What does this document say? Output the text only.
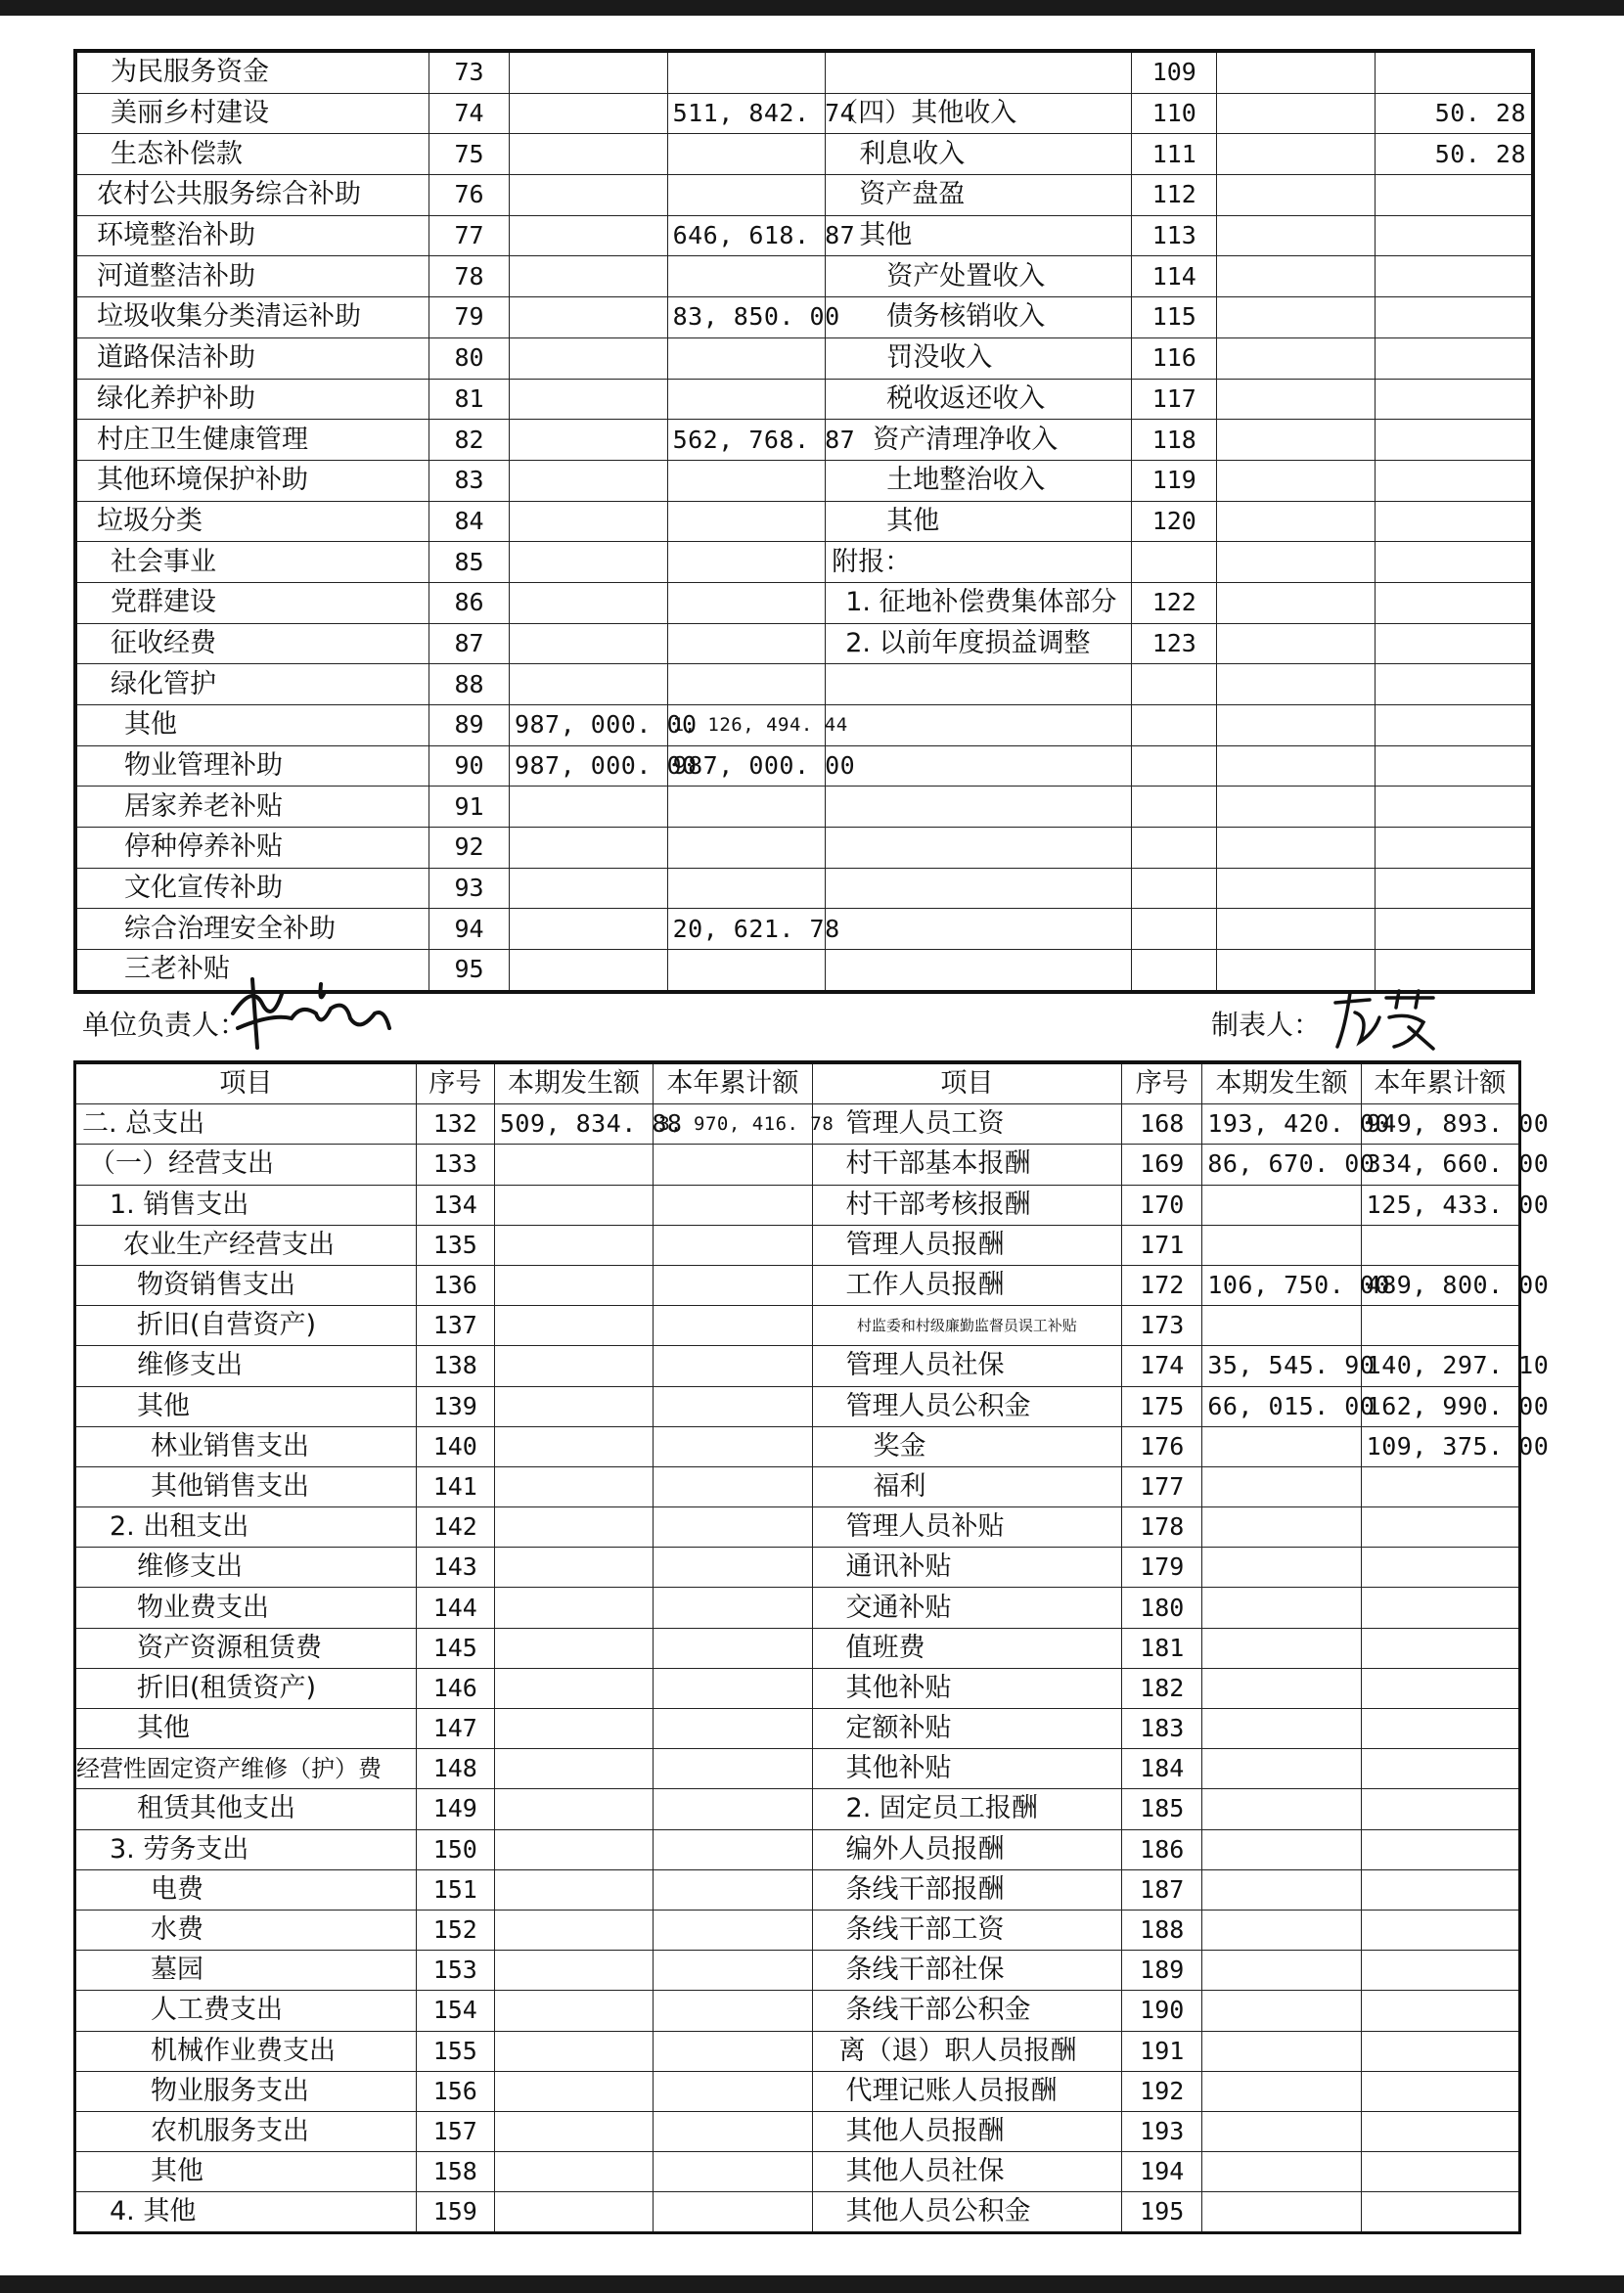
为民服务资金	73				109		
美丽乡村建设	74		511, 842. 74	（四）其他收入	110		50. 28
生态补偿款	75			利息收入	111		50. 28
农村公共服务综合补助	76			资产盘盈	112		
环境整治补助	77		646, 618. 87	其他	113		
河道整洁补助	78			资产处置收入	114		
垃圾收集分类清运补助	79		83, 850. 00	债务核销收入	115		
道路保洁补助	80			罚没收入	116		
绿化养护补助	81			税收返还收入	117		
村庄卫生健康管理	82		562, 768. 87	资产清理净收入	118		
其他环境保护补助	83			土地整治收入	119		
垃圾分类	84			其他	120		
社会事业	85			附报：			
党群建设	86			1. 征地补偿费集体部分	122		
征收经费	87			2. 以前年度损益调整	123		
绿化管护	88						
其他	89	987, 000. 00	1, 126, 494. 44				
物业管理补助	90	987, 000. 00	987, 000. 00				
居家养老补贴	91						
停种停养补贴	92						
文化宣传补助	93						
综合治理安全补助	94		20, 621. 78				
三老补贴	95						
单位负责人：	制表人：
项目	序号	本期发生额	本年累计额	项目	序号	本期发生额	本年累计额
二. 总支出	132	509, 834. 88	3, 970, 416. 78	管理人员工资	168	193, 420. 00	949, 893. 00
（一）经营支出	133			村干部基本报酬	169	86, 670. 00	334, 660. 00
1. 销售支出	134			村干部考核报酬	170		125, 433. 00
农业生产经营支出	135			管理人员报酬	171		
物资销售支出	136			工作人员报酬	172	106, 750. 00	489, 800. 00
折旧(自营资产)	137			村监委和村级廉勤监督员误工补贴	173		
维修支出	138			管理人员社保	174	35, 545. 90	140, 297. 10
其他	139			管理人员公积金	175	66, 015. 00	162, 990. 00
林业销售支出	140			奖金	176		109, 375. 00
其他销售支出	141			福利	177		
2. 出租支出	142			管理人员补贴	178		
维修支出	143			通讯补贴	179		
物业费支出	144			交通补贴	180		
资产资源租赁费	145			值班费	181		
折旧(租赁资产)	146			其他补贴	182		
其他	147			定额补贴	183		
经营性固定资产维修（护）费	148			其他补贴	184		
租赁其他支出	149			2. 固定员工报酬	185		
3. 劳务支出	150			编外人员报酬	186		
电费	151			条线干部报酬	187		
水费	152			条线干部工资	188		
墓园	153			条线干部社保	189		
人工费支出	154			条线干部公积金	190		
机械作业费支出	155			离（退）职人员报酬	191		
物业服务支出	156			代理记账人员报酬	192		
农机服务支出	157			其他人员报酬	193		
其他	158			其他人员社保	194		
4. 其他	159			其他人员公积金	195		
